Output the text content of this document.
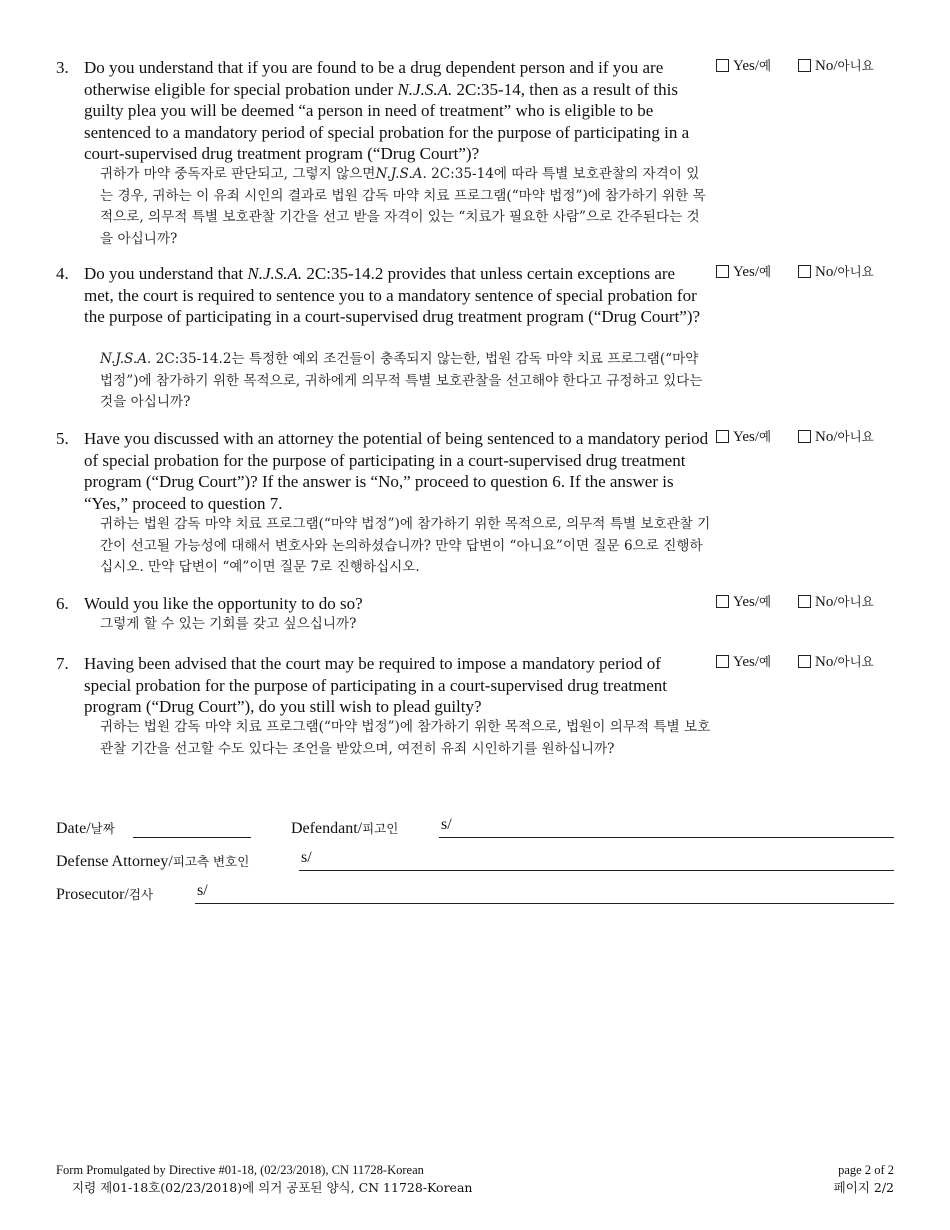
3. Do you understand that if you are found to be a drug dependent person and if you are otherwise eligible for special probation under N.J.S.A. 2C:35-14, then as a result of this guilty plea you will be deemed “a person in need of treatment” who is eligible to be sentenced to a mandatory period of special probation for the purpose of participating in a court-supervised drug treatment program (“Drug Court”)?
귀하가 마약 중독자로 판단되고, 그렇지 않으면N.J.S.A. 2C:35-14에 따라 특별 보호관찰의 자격이 있는 경우, 귀하는 이 유죄 시인의 결과로 법원 감독 마약 치료 프로그램(“마약 법정”)에 참가하기 위한 목적으로, 의무적 특별 보호관찰 기간을 선고 받을 자격이 있는 “치료가 필요한 사람”으로 간주된다는 것을 아십니까?
Yes/예	No/아니요
4. Do you understand that N.J.S.A. 2C:35-14.2 provides that unless certain exceptions are met, the court is required to sentence you to a mandatory sentence of special probation for the purpose of participating in a court-supervised drug treatment program (“Drug Court”)?
N.J.S.A. 2C:35-14.2는 특정한 예외 조건들이 충족되지 않는한, 법원 감독 마약 치료 프로그램(“마약 법정”)에 참가하기 위한 목적으로, 귀하에게 의무적 특별 보호관찰을 선고해야 한다고 규정하고 있다는 것을 아십니까?
Yes/예	No/아니요
5. Have you discussed with an attorney the potential of being sentenced to a mandatory period of special probation for the purpose of participating in a court-supervised drug treatment program (“Drug Court”)? If the answer is “No,” proceed to question 6. If the answer is “Yes,” proceed to question 7.
귀하는 법원 감독 마약 치료 프로그램(“마약 법정”)에 참가하기 위한 목적으로, 의무적 특별 보호관찰 기간이 선고될 가능성에 대해서 변호사와 논의하셨습니까? 만약 답변이 “아니요”이면 질문 6으로 진행하십시오. 만약 답변이 “예”이면 질문 7로 진행하십시오.
Yes/예	No/아니요
6. Would you like the opportunity to do so?
그렇게 할 수 있는 기회를 갖고 싶으십니까?
Yes/예	No/아니요
7. Having been advised that the court may be required to impose a mandatory period of special probation for the purpose of participating in a court-supervised drug treatment program (“Drug Court”), do you still wish to plead guilty?
귀하는 법원 감독 마약 치료 프로그램(“마약 법정”)에 참가하기 위한 목적으로, 법원이 의무적 특별 보호관찰 기간을 선고할 수도 있다는 조언을 받았으며, 여전히 유죄 시인하기를 원하십니까?
Yes/예	No/아니요
Date/날짜	Defendant/피고인	s/
Defense Attorney/피고측 변호인	s/
Prosecutor/검사	s/
Form Promulgated by Directive #01-18, (02/23/2018), CN 11728-Korean
지령 제01-18호(02/23/2018)에 의거 공포된 양식, CN 11728-Korean
page 2 of 2
페이지 2/2
